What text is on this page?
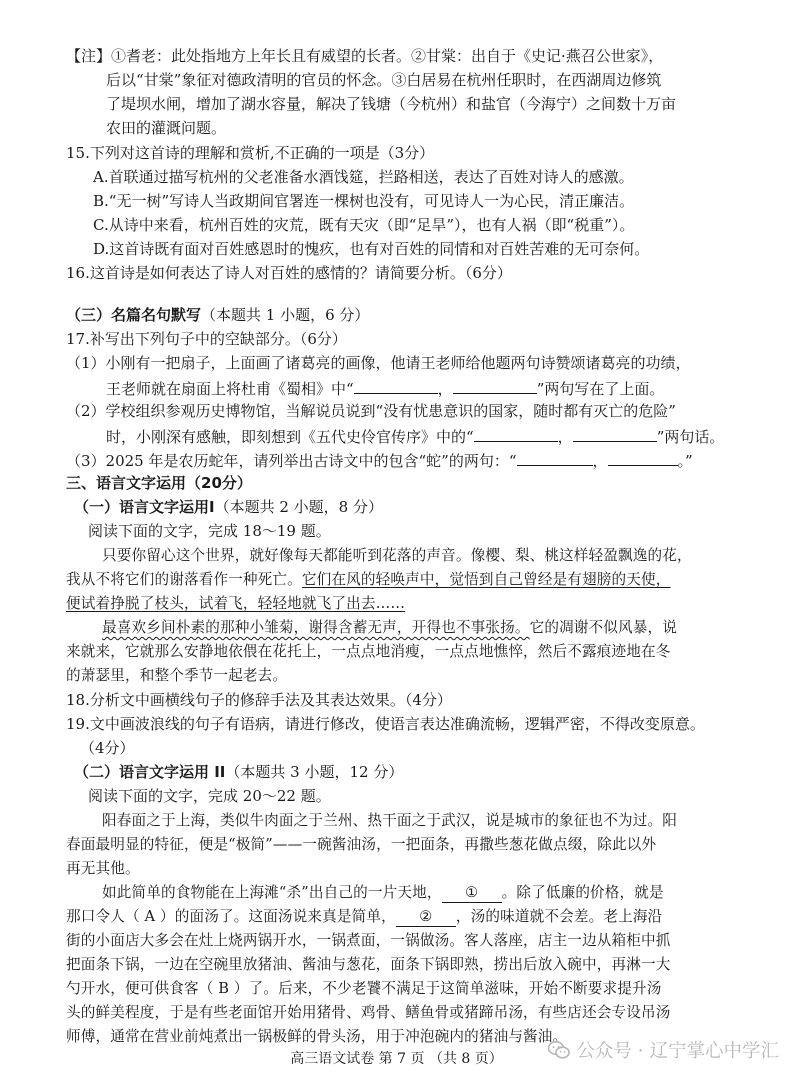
【注】①耆老：此处指地方上年长且有威望的长者。②甘棠：出自于《史记·燕召公世家》，
后以“甘棠”象征对德政清明的官员的怀念。③白居易在杭州任职时，在西湖周边修筑
了堤坝水闸，增加了湖水容量，解决了钱塘（今杭州）和盐官（今海宁）之间数十万亩
农田的灌溉问题。
15.下列对这首诗的理解和赏析,不正确的一项是（3分）
A.首联通过描写杭州的父老准备水酒饯筵，拦路相送，表达了百姓对诗人的感激。
B.“无一树”写诗人当政期间官署连一棵树也没有，可见诗人一为心民，清正廉洁。
C.从诗中来看，杭州百姓的灾荒，既有天灾（即“足旱”），也有人祸（即“税重”）。
D.这首诗既有面对百姓感恩时的愧疚，也有对百姓的同情和对百姓苦难的无可奈何。
16.这首诗是如何表达了诗人对百姓的感情的？请简要分析。（6分）
（三）名篇名句默写（本题共 1 小题，6 分）
17.补写出下列句子中的空缺部分。（6分）
（1）小刚有一把扇子，上面画了诸葛亮的画像，他请王老师给他题两句诗赞颂诸葛亮的功绩，
王老师就在扇面上将杜甫《蜀相》中“	，	”两句写在了上面。
（2）学校组织参观历史博物馆，当解说员说到“没有忧患意识的国家，随时都有灭亡的危险”
时，小刚深有感触，即刻想到《五代史伶官传序》中的“	，	”两句话。
（3）2025 年是农历蛇年，请列举出古诗文中的包含“蛇”的两句：“	，	。”
三、语言文字运用（20分）
（一）语言文字运用Ⅰ（本题共 2 小题，8 分）
阅读下面的文字，完成 18～19 题。
只要你留心这个世界，就好像每天都能听到花落的声音。像樱、梨、桃这样轻盈飘逸的花，
我从不将它们的谢落看作一种死亡。它们在风的轻唤声中，觉悟到自己曾经是有翅膀的天使，
便试着挣脱了枝头，试着飞，轻轻地就飞了出去……
最喜欢乡间朴素的那种小雏菊，谢得含蓄无声，开得也不事张扬。它的凋谢不似风暴，说
来就来，它就那么安静地依偎在花托上，一点点地消瘦，一点点地憔悴，然后不露痕迹地在冬
的萧瑟里，和整个季节一起老去。
18.分析文中画横线句子的修辞手法及其表达效果。（4分）
19.文中画波浪线的句子有语病，请进行修改，使语言表达准确流畅，逻辑严密，不得改变原意。
（4分）
（二）语言文字运用 II（本题共 3 小题，12 分）
阅读下面的文字，完成 20～22 题。
阳春面之于上海，类似牛肉面之于兰州、热干面之于武汉，说是城市的象征也不为过。阳
春面最明显的特征，便是“极简”——一碗酱油汤，一把面条，再撒些葱花做点缀，除此以外
再无其他。
如此简单的食物能在上海滩“杀”出自己的一片天地， ① 。除了低廉的价格，就是
那口令人（ A ）的面汤了。这面汤说来真是简单， ② ，汤的味道就不会差。老上海沿
街的小面店大多会在灶上烧两锅开水，一锅煮面，一锅做汤。客人落座，店主一边从箱柜中抓
把面条下锅，一边在空碗里放猪油、酱油与葱花，面条下锅即熟，捞出后放入碗中，再淋一大
勺开水，便可供食客（ B ）了。后来，不少老饕不满足于这简单滋味，开始不断要求提升汤
头的鲜美程度，于是有些老面馆开始用猪骨、鸡骨、鳝鱼骨或猪蹄吊汤，有些店还会专设吊汤
师傅，通常在营业前炖煮出一锅极鲜的骨头汤，用于冲泡碗内的猪油与酱油。
高三语文试卷 第 7 页 （共 8 页）	公众号 · 辽宁掌心中学汇
